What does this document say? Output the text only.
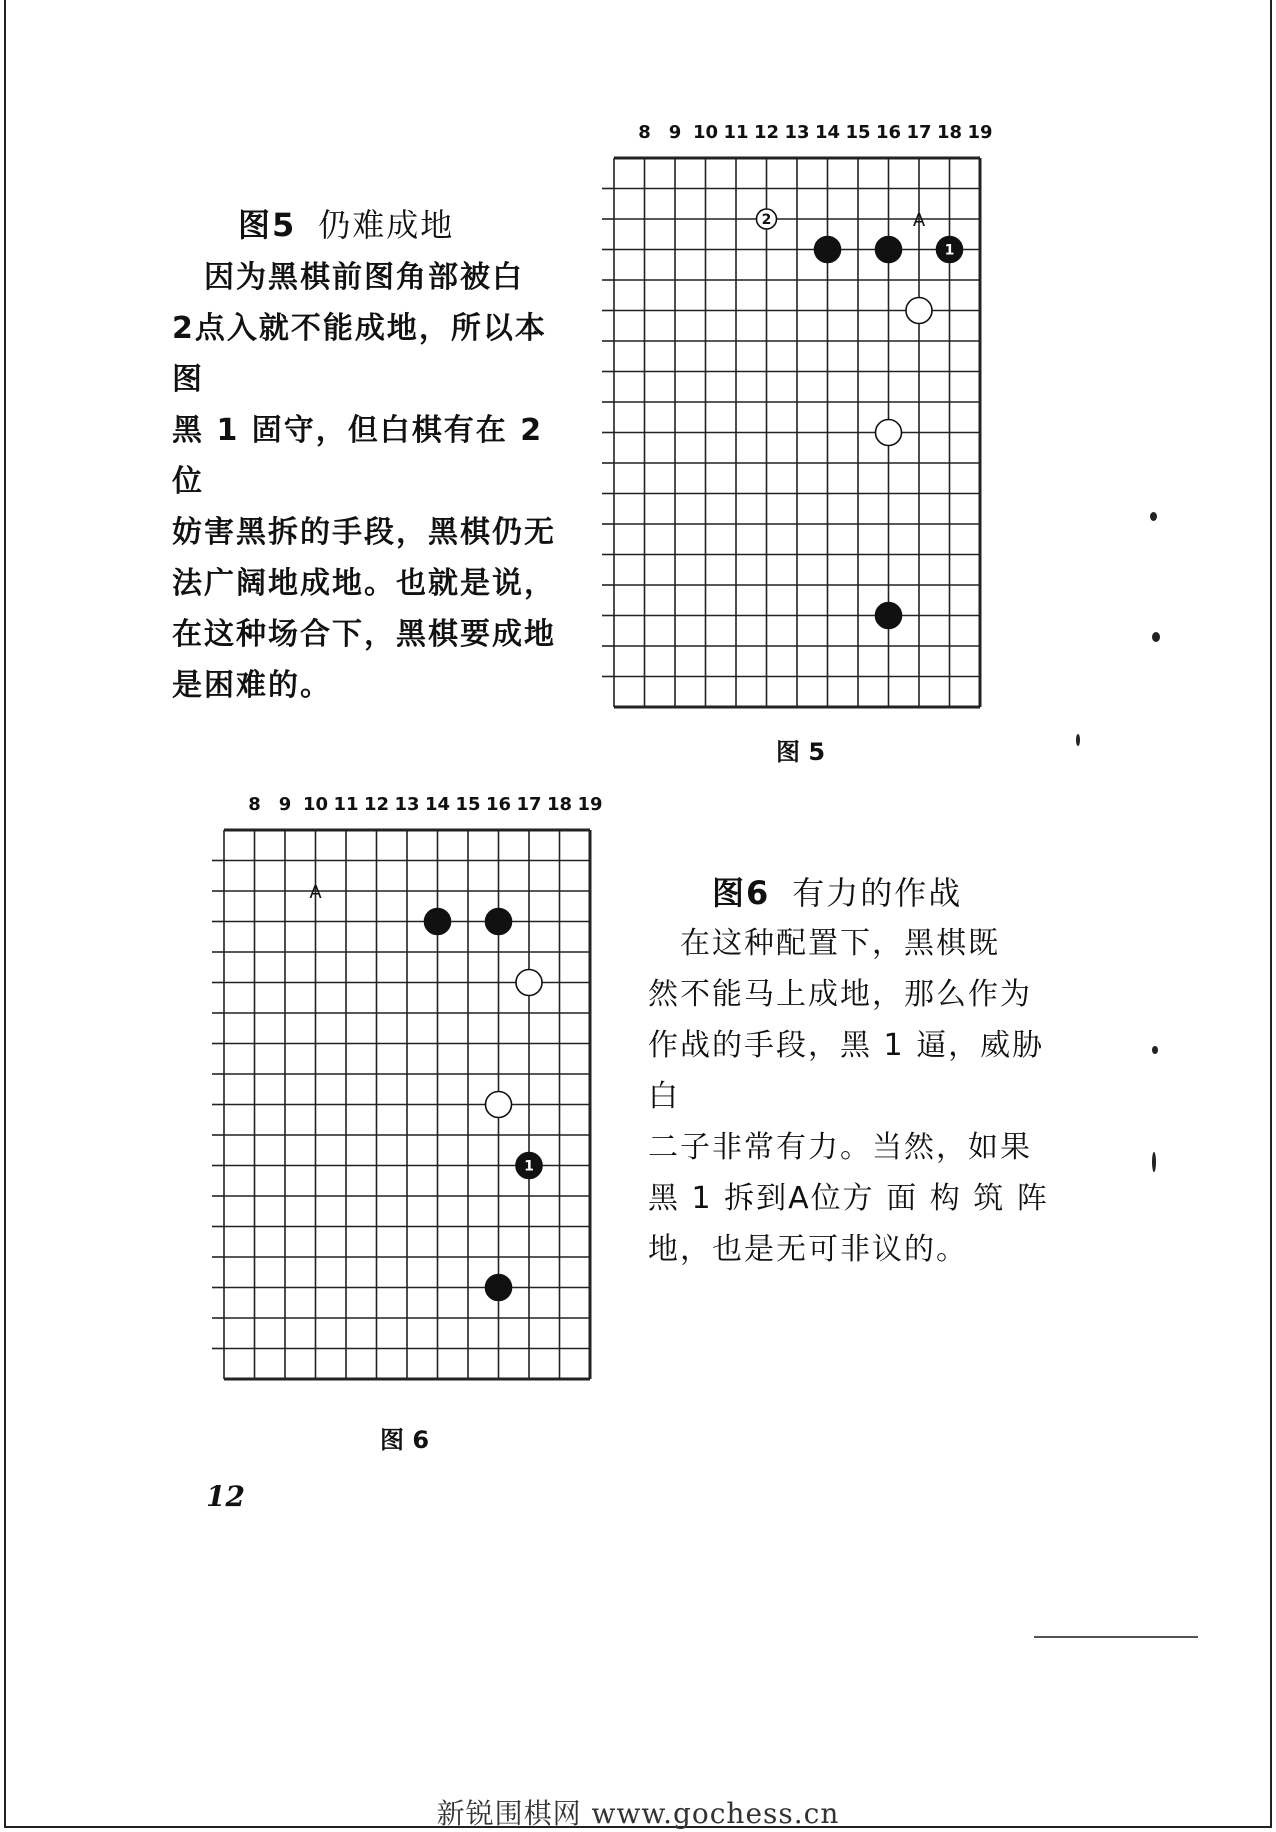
图5 仍难成地
　因为黑棋前图角部被白
2点入就不能成地，所以本图
黑 1 固守，但白棋有在 2 位
妨害黑拆的手段，黑棋仍无
法广阔地成地。也就是说，
在这种场合下，黑棋要成地
是困难的。
8 9 10 11 12 13 14 15 16 17 18 19
A
2
1
图 5
8 9 10 11 12 13 14 15 16 17 18 19
A
1
图 6
图6 有力的作战
　在这种配置下，黑棋既
然不能马上成地，那么作为
作战的手段，黑 1 逼，威胁白
二子非常有力。当然，如果
黑 1 拆到A位方 面 构 筑 阵
地，也是无可非议的。
12
新锐围棋网 www.gochess.cn
